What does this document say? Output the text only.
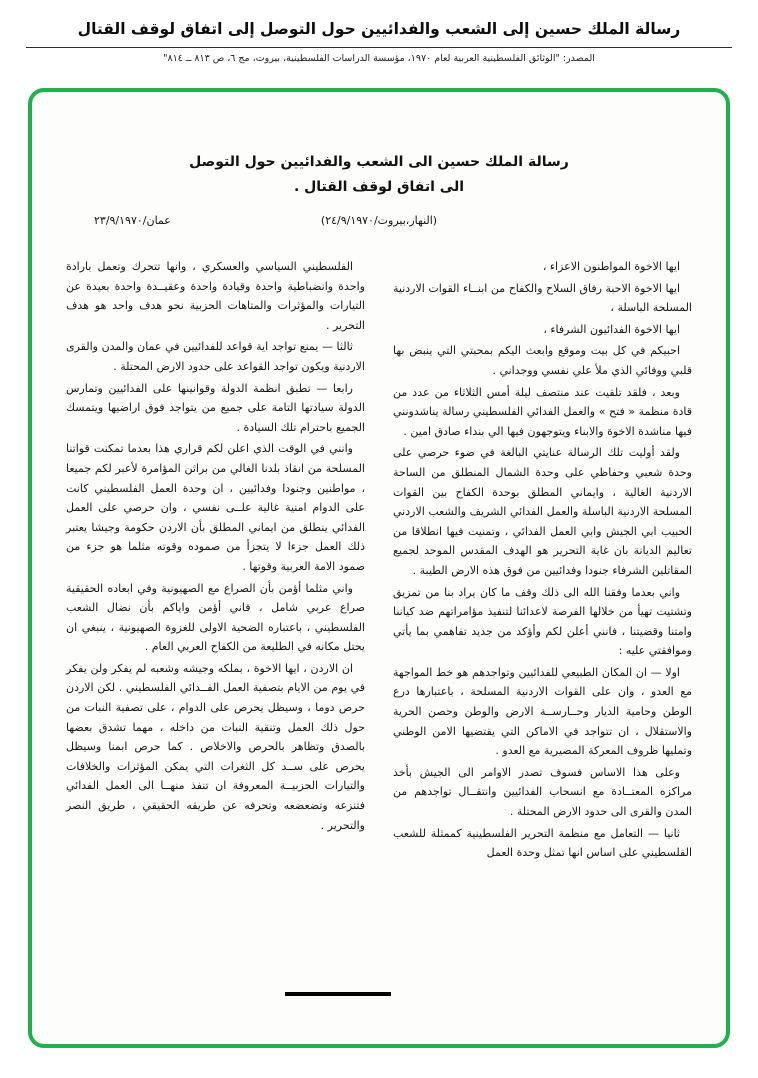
رسالة الملك حسين إلى الشعب والفدائيين حول التوصل إلى اتفاق لوقف القتال
المصدر: "الوثائق الفلسطينية العربية لعام ١٩٧٠، مؤسسة الدراسات الفلسطينية، بيروت، مج ٦، ص ٨١٣ ــ ٨١٤"
رسالة الملك حسين الى الشعب والفدائيين حول التوصل
الى اتفاق لوقف القتال .
عمان/٢٣/٩/١٩٧٠	(النهار،بيروت/٢٤/٩/١٩٧٠)

ايها الاخوة المواطنون الاعزاء ،

ايها الاخوة الاحبة رفاق السلاح والكفاح من ابنــاء القوات الاردنية المسلحة الباسلة ،

ايها الاخوة الفدائيون الشرفاء ،

احبيكم في كل بيت وموقع وابعث اليكم بمحبتي التي ينبض بها قلبي ووفائي الذي ملأ علي نفسي ووجداني .

وبعد ، فلقد تلقيت عند منتصف ليلة أمس الثلاثاء من عدد من قادة منظمة « فتح » والعمل الفدائي الفلسطيني رسالة يناشدونني فيها مناشدة الاخوة والابناء ويتوجهون فيها الي بنداء صادق امين .

ولقد أوليت تلك الرسالة عنايتي البالغة في ضوء حرصي على وحدة شعبي وحفاظي على وحدة الشمال المنطلق من الساحة الاردنية الغالية ، وايماني المطلق بوحدة الكفاح بين القوات المسلحة الاردنية الباسلة والعمل الفدائي الشريف والشعب الاردني الحبيب ابي الجيش وابي العمل الفدائي ، وتمنيت فيها انطلاقا من تعاليم الديانة بان غاية التحرير هو الهدف المقدس الموحد لجميع المقاتلين الشرفاء جنودا وفدائيين من فوق هذه الارض الطيبة .

واني بعدما وفقنا الله الى ذلك وقف ما كان يراد بنا من تمزيق وتشتيت تهيأ من خلالها الفرصة لاعدائنا لتنفيذ مؤامراتهم ضد كياننا وامتنا وقضيتنا ، فانني أعلن لكم وأؤكد من جديد تفاهمي بما يأتي وموافقتي عليه :

اولا — ان المكان الطبيعي للفدائيين وتواجدهم هو خط المواجهة مع العدو ، وان على القوات الاردنية المسلحة ، باعتبارها درع الوطن وحامية الديار وحــارســة الارض والوطن وحصن الحرية والاستقلال ، ان تتواجد في الاماكن التي يقتضيها الامن الوطني وتمليها ظروف المعركة المصيرية مع العدو .

وعلى هذا الاساس فسوف تصدر الاوامر الى الجيش بأخذ مراكزه المعتــادة مع انسحاب الفدائيين وانتقــال تواجدهم من المدن والقرى الى حدود الارض المحتلة .

ثانيا — التعامل مع منظمة التحرير الفلسطينية كممثلة للشعب الفلسطيني على اساس انها تمثل وحدة العمل

الفلسطيني السياسي والعسكري ، وانها تتحرك وتعمل بارادة واحدة وانضباطية واحدة وقيادة واحدة وعقيــدة واحدة بعيدة عن التيارات والمؤثرات والمتاهات الحزبية نحو هدف واحد هو هدف التحرير .

ثالثا — يمنع تواجد اية قواعد للفدائيين في عمان والمدن والقرى الاردنية ويكون تواجد القواعد على حدود الارض المحتلة .

رابعا — تطبق انظمة الدولة وقوانينها على الفدائيين وتمارس الدولة سيادتها التامة على جميع من يتواجد فوق اراضيها ويتمسك الجميع باحترام تلك السيادة .

وانني في الوقت الذي اعلن لكم قراري هذا بعدما تمكنت قواتنا المسلحة من انقاذ بلدنا الغالي من براثن المؤامرة لأعبر لكم جميعا ، مواطنين وجنودا وفدائيين ، ان وحدة العمل الفلسطيني كانت على الدوام امنية غالية علــى نفسي ، وان حرصي على العمل الفدائي ينطلق من ايماني المطلق بأن الاردن حكومة وجيشا يعتبر ذلك العمل جزءا لا يتجزأ من صموده وقوته مثلما هو جزء من صمود الامة العربية وقوتها .

واني مثلما أؤمن بأن الصراع مع الصهيونية وفي ابعاده الحقيقية صراع عربي شامل ، فاني أؤمن واياكم بأن نضال الشعب الفلسطيني ، باعتباره الضحية الاولى للغزوة الصهيونية ، ينبغي ان يحتل مكانه في الطليعة من الكفاح العربي العام .

ان الاردن ، ايها الاخوة ، بملكه وجيشه وشعبه لم يفكر ولن يفكر في يوم من الايام بتصفية العمل الفــدائي الفلسطيني . لكن الاردن حرص دوما ، وسيظل يحرص على الدوام ، على تصفية النبات من حول ذلك العمل وتنقية النبات من داخله ، مهما تشدق بعضها بالصدق وتظاهر بالحرص والاخلاص . كما حرص ابمنا وسيظل يحرص على ســد كل الثغرات التي يمكن المؤثرات والخلافات والتيارات الحزبيــة المعروفة ان تنفذ منهــا الى العمل الفدائي فتنزعه وتضعضعه وتحرفه عن طريقه الحقيقي ، طريق النصر والتحرير .
